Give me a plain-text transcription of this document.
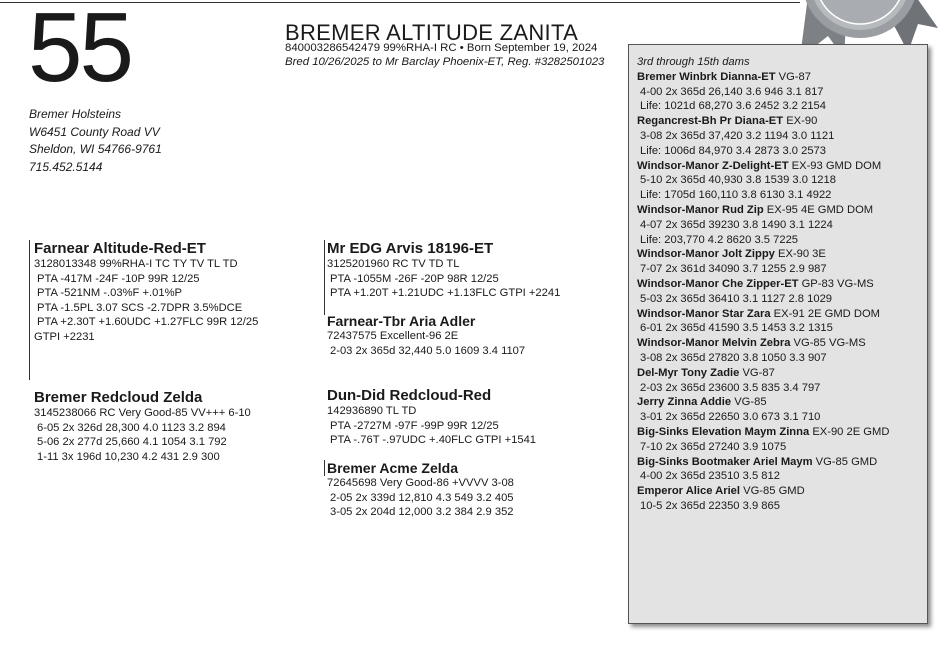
55
Bremer Holsteins
W6451 County Road VV
Sheldon, WI 54766-9761
715.452.5144
BREMER ALTITUDE ZANITA
840003286542479 99%RHA-I RC • Born September 19, 2024
Bred 10/26/2025 to Mr Barclay Phoenix-ET, Reg. #3282501023
Farnear Altitude-Red-ET
3128013348 99%RHA-I TC TY TV TL TD
PTA -417M -24F -10P 99R 12/25
PTA -521NM -.03%F +.01%P
PTA -1.5PL 3.07 SCS -2.7DPR 3.5%DCE
PTA +2.30T +1.60UDC +1.27FLC 99R 12/25
GTPI +2231
Bremer Redcloud Zelda
3145238066 RC Very Good-85 VV+++ 6-10
6-05 2x 326d 28,300 4.0 1123 3.2 894
5-06 2x 277d 25,660 4.1 1054 3.1 792
1-11 3x 196d 10,230 4.2 431 2.9 300
Mr EDG Arvis 18196-ET
3125201960 RC TV TD TL
PTA -1055M -26F -20P 98R 12/25
PTA +1.20T +1.21UDC +1.13FLC GTPI +2241
Farnear-Tbr Aria Adler
72437575 Excellent-96 2E
2-03 2x 365d 32,440 5.0 1609 3.4 1107
Dun-Did Redcloud-Red
142936890 TL TD
PTA -2727M -97F -99P 99R 12/25
PTA -.76T -.97UDC +.40FLC GTPI +1541
Bremer Acme Zelda
72645698 Very Good-86 +VVVV 3-08
2-05 2x 339d 12,810 4.3 549 3.2 405
3-05 2x 204d 12,000 3.2 384 2.9 352
3rd through 15th dams
Bremer Winbrk Dianna-ET VG-87
4-00 2x 365d 26,140 3.6 946 3.1 817
Life: 1021d 68,270 3.6 2452 3.2 2154
Regancrest-Bh Pr Diana-ET EX-90
3-08 2x 365d 37,420 3.2 1194 3.0 1121
Life: 1006d 84,970 3.4 2873 3.0 2573
Windsor-Manor Z-Delight-ET EX-93 GMD DOM
5-10 2x 365d 40,930 3.8 1539 3.0 1218
Life: 1705d 160,110 3.8 6130 3.1 4922
Windsor-Manor Rud Zip EX-95 4E GMD DOM
4-07 2x 365d 39230 3.8 1490 3.1 1224
Life: 203,770 4.2 8620 3.5 7225
Windsor-Manor Jolt Zippy EX-90 3E
7-07 2x 361d 34090 3.7 1255 2.9 987
Windsor-Manor Che Zipper-ET GP-83 VG-MS
5-03 2x 365d 36410 3.1 1127 2.8 1029
Windsor-Manor Star Zara EX-91 2E GMD DOM
6-01 2x 365d 41590 3.5 1453 3.2 1315
Windsor-Manor Melvin Zebra VG-85 VG-MS
3-08 2x 365d 27820 3.8 1050 3.3 907
Del-Myr Tony Zadie VG-87
2-03 2x 365d 23600 3.5 835 3.4 797
Jerry Zinna Addie VG-85
3-01 2x 365d 22650 3.0 673 3.1 710
Big-Sinks Elevation Maym Zinna EX-90 2E GMD
7-10 2x 365d 27240 3.9 1075
Big-Sinks Bootmaker Ariel Maym VG-85 GMD
4-00 2x 365d 23510 3.5 812
Emperor Alice Ariel VG-85 GMD
10-5 2x 365d 22350 3.9 865
